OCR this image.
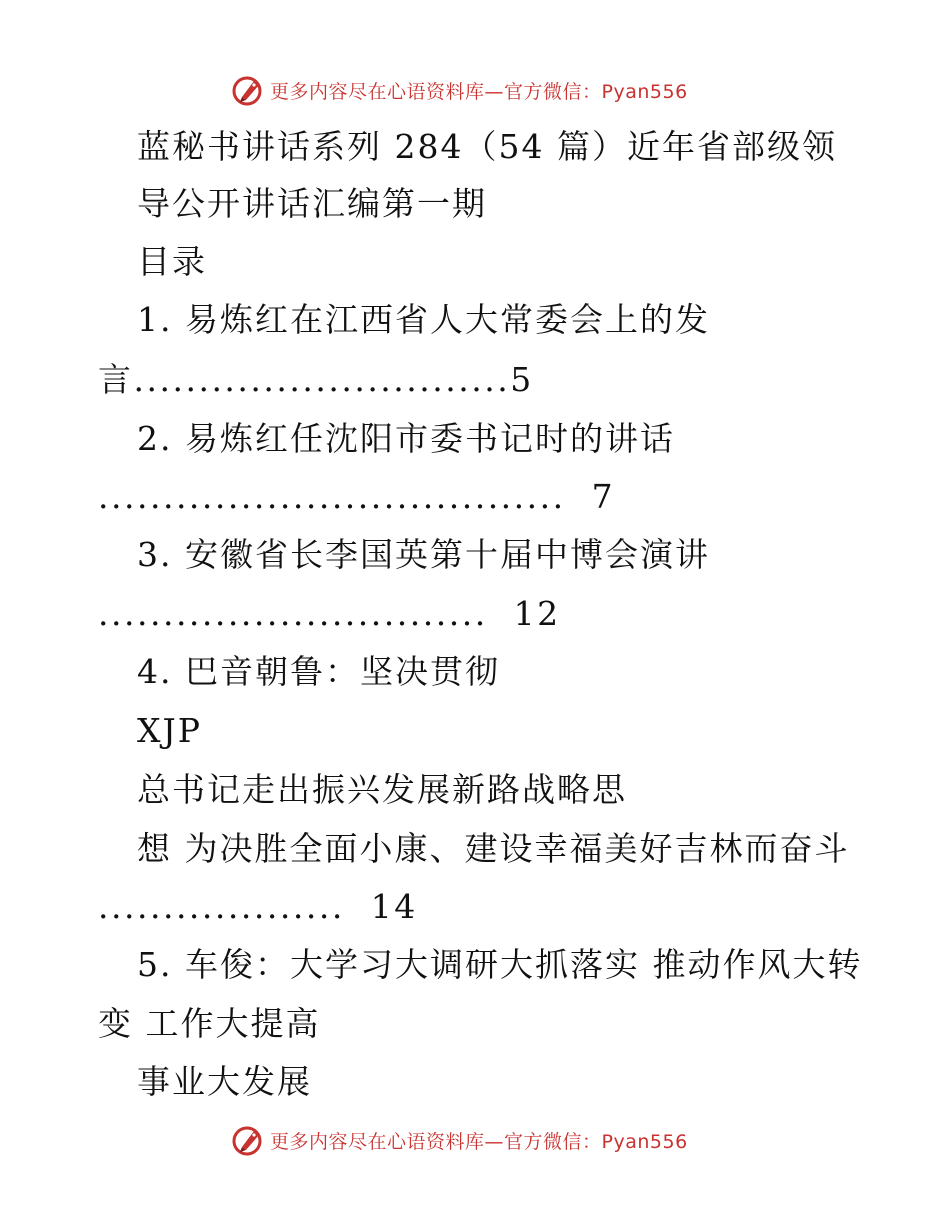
更多内容尽在心语资料库—官方微信：Pyan556
蓝秘书讲话系列 284（54 篇）近年省部级领
导公开讲话汇编第一期
目录
1. 易炼红在江西省人大常委会上的发
言.............................5
2. 易炼红任沈阳市委书记时的讲话
....................................  7
3. 安徽省长李国英第十届中博会演讲
..............................  12
4. 巴音朝鲁：坚决贯彻
XJP
总书记走出振兴发展新路战略思
想 为决胜全面小康、建设幸福美好吉林而奋斗
...................  14
5. 车俊：大学习大调研大抓落实 推动作风大转
变 工作大提高
事业大发展
更多内容尽在心语资料库—官方微信：Pyan556
